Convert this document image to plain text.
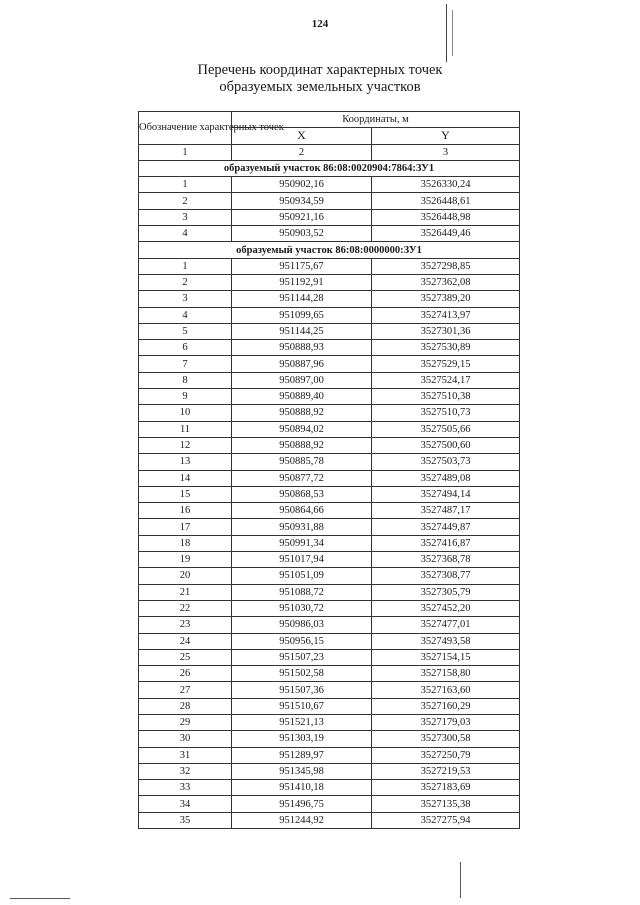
124
Перечень координат характерных точек
образуемых земельных участков
Обозначение характерных точек	Координаты, м	
	X	Y
1	2	3
образуемый участок 86:08:0020904:7864:ЗУ1		
1	950902,16	3526330,24
2	950934,59	3526448,61
3	950921,16	3526448,98
4	950903,52	3526449,46
образуемый участок 86:08:0000000:ЗУ1		
1	951175,67	3527298,85
2	951192,91	3527362,08
3	951144,28	3527389,20
4	951099,65	3527413,97
5	951144,25	3527301,36
6	950888,93	3527530,89
7	950887,96	3527529,15
8	950897,00	3527524,17
9	950889,40	3527510,38
10	950888,92	3527510,73
11	950894,02	3527505,66
12	950888,92	3527500,60
13	950885,78	3527503,73
14	950877,72	3527489,08
15	950868,53	3527494,14
16	950864,66	3527487,17
17	950931,88	3527449,87
18	950991,34	3527416,87
19	951017,94	3527368,78
20	951051,09	3527308,77
21	951088,72	3527305,79
22	951030,72	3527452,20
23	950986,03	3527477,01
24	950956,15	3527493,58
25	951507,23	3527154,15
26	951502,58	3527158,80
27	951507,36	3527163,60
28	951510,67	3527160,29
29	951521,13	3527179,03
30	951303,19	3527300,58
31	951289,97	3527250,79
32	951345,98	3527219,53
33	951410,18	3527183,69
34	951496,75	3527135,38
35	951244,92	3527275,94
